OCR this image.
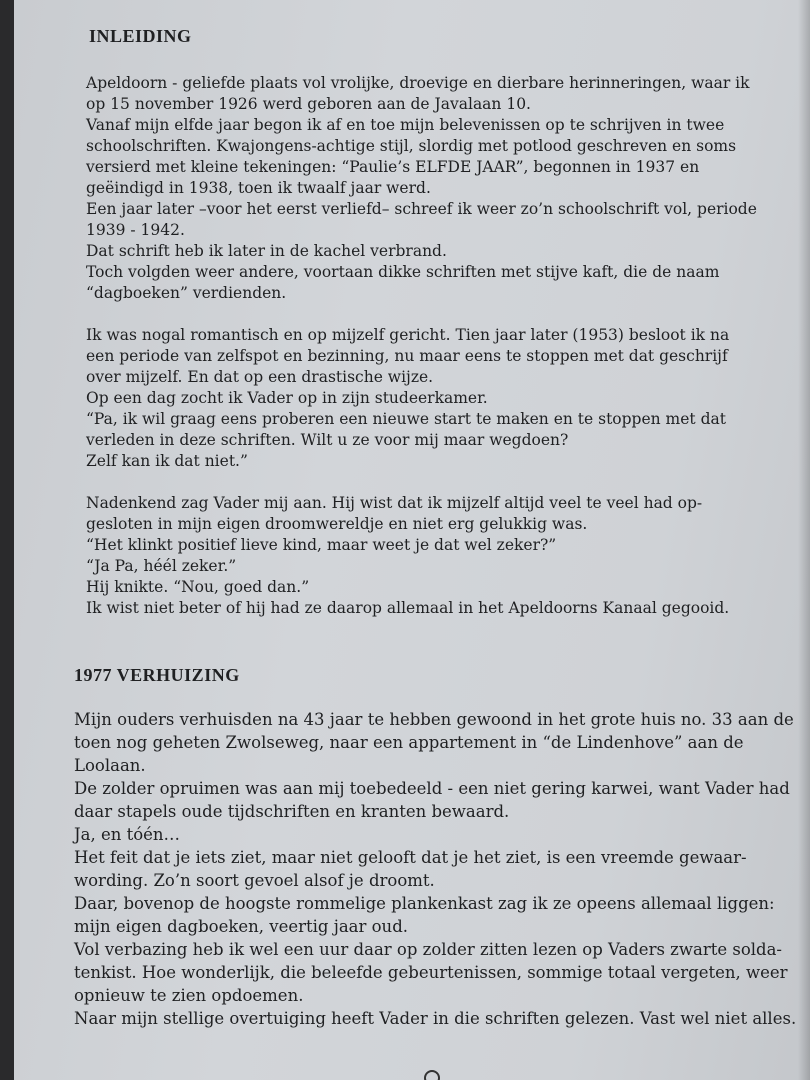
INLEIDING

Apeldoorn - geliefde plaats vol vrolijke, droevige en dierbare herinneringen, waar ik
op 15 november 1926 werd geboren aan de Javalaan 10.
Vanaf mijn elfde jaar begon ik af en toe mijn belevenissen op te schrijven in twee
schoolschriften. Kwajongens-achtige stijl, slordig met potlood geschreven en soms
versierd met kleine tekeningen: “Paulie’s ELFDE JAAR”, begonnen in 1937 en
geëindigd in 1938, toen ik twaalf jaar werd.
Een jaar later –voor het eerst verliefd– schreef ik weer zo’n schoolschrift vol, periode
1939 - 1942.
Dat schrift heb ik later in de kachel verbrand.
Toch volgden weer andere, voortaan dikke schriften met stijve kaft, die de naam
“dagboeken” verdienden.

Ik was nogal romantisch en op mijzelf gericht. Tien jaar later (1953) besloot ik na
een periode van zelfspot en bezinning, nu maar eens te stoppen met dat geschrijf
over mijzelf. En dat op een drastische wijze.
Op een dag zocht ik Vader op in zijn studeerkamer.
“Pa, ik wil graag eens proberen een nieuwe start te maken en te stoppen met dat
verleden in deze schriften. Wilt u ze voor mij maar wegdoen?
Zelf kan ik dat niet.”

Nadenkend zag Vader mij aan. Hij wist dat ik mijzelf altijd veel te veel had op-
gesloten in mijn eigen droomwereldje en niet erg gelukkig was.
“Het klinkt positief lieve kind, maar weet je dat wel zeker?”
“Ja Pa, héél zeker.”
Hij knikte. “Nou, goed dan.”
Ik wist niet beter of hij had ze daarop allemaal in het Apeldoorns Kanaal gegooid.

1977 VERHUIZING

Mijn ouders verhuisden na 43 jaar te hebben gewoond in het grote huis no. 33 aan de
toen nog geheten Zwolseweg, naar een appartement in “de Lindenhove” aan de
Loolaan.
De zolder opruimen was aan mij toebedeeld - een niet gering karwei, want Vader had
daar stapels oude tijdschriften en kranten bewaard.
Ja, en tóén…
Het feit dat je iets ziet, maar niet gelooft dat je het ziet, is een vreemde gewaar-
wording. Zo’n soort gevoel alsof je droomt.
Daar, bovenop de hoogste rommelige plankenkast zag ik ze opeens allemaal liggen:
mijn eigen dagboeken, veertig jaar oud.
Vol verbazing heb ik wel een uur daar op zolder zitten lezen op Vaders zwarte solda-
tenkist. Hoe wonderlijk, die beleefde gebeurtenissen, sommige totaal vergeten, weer
opnieuw te zien opdoemen.
Naar mijn stellige overtuiging heeft Vader in die schriften gelezen. Vast wel niet alles.
